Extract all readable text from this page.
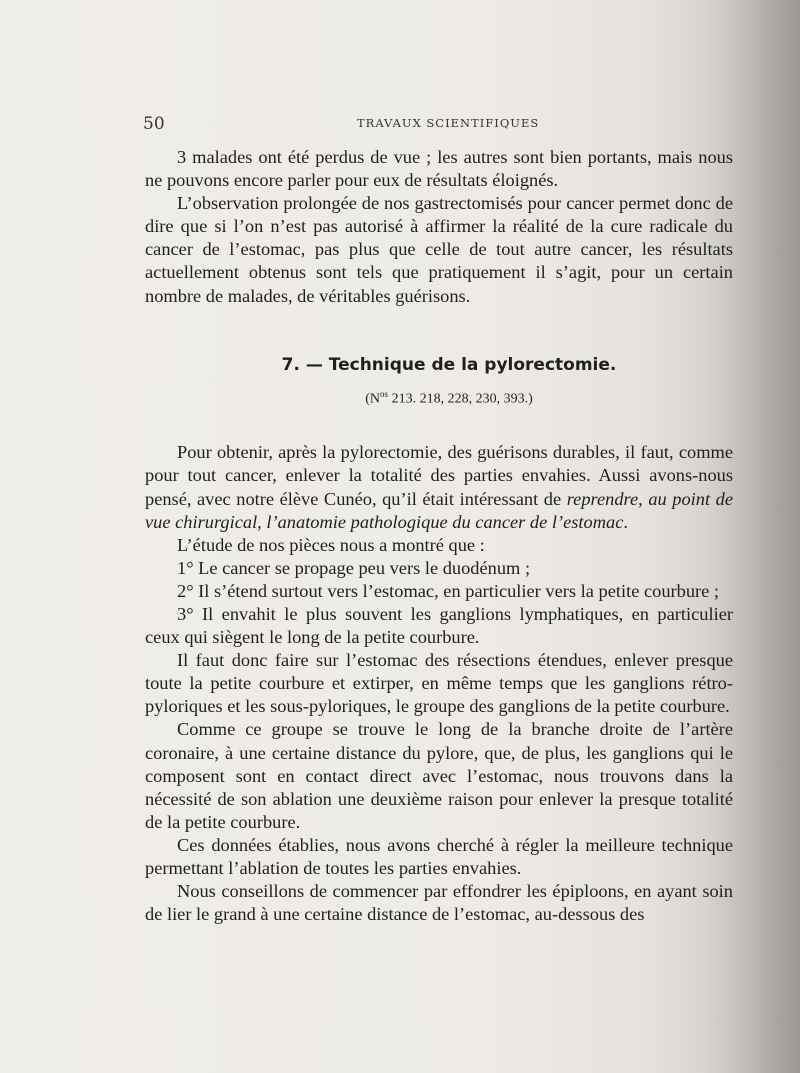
50	TRAVAUX SCIENTIFIQUES

3 malades ont été perdus de vue ; les autres sont bien portants, mais nous ne pouvons encore parler pour eux de résultats éloignés.

L’observation prolongée de nos gastrectomisés pour cancer permet donc de dire que si l’on n’est pas autorisé à affirmer la réalité de la cure radicale du cancer de l’estomac, pas plus que celle de tout autre cancer, les résultats actuellement obtenus sont tels que pratiquement il s’agit, pour un certain nombre de malades, de véritables guérisons.

7. — Technique de la pylorectomie.
($N^{os}$ 213. 218, 228, 230, 393.)

Pour obtenir, après la pylorectomie, des guérisons durables, il faut, comme pour tout cancer, enlever la totalité des parties envahies. Aussi avons-nous pensé, avec notre élève Cunéo, qu’il était intéressant de reprendre, au point de vue chirurgical, l’anatomie pathologique du cancer de l’estomac.

L’étude de nos pièces nous a montré que :

1° Le cancer se propage peu vers le duodénum ;

2° Il s’étend surtout vers l’estomac, en particulier vers la petite courbure ;

3° Il envahit le plus souvent les ganglions lymphatiques, en particulier ceux qui siègent le long de la petite courbure.

Il faut donc faire sur l’estomac des résections étendues, enlever presque toute la petite courbure et extirper, en même temps que les ganglions rétro-pyloriques et les sous-pyloriques, le groupe des ganglions de la petite courbure.

Comme ce groupe se trouve le long de la branche droite de l’artère coronaire, à une certaine distance du pylore, que, de plus, les ganglions qui le composent sont en contact direct avec l’estomac, nous trouvons dans la nécessité de son ablation une deuxième raison pour enlever la presque totalité de la petite courbure.

Ces données établies, nous avons cherché à régler la meilleure technique permettant l’ablation de toutes les parties envahies.

Nous conseillons de commencer par effondrer les épiploons, en ayant soin de lier le grand à une certaine distance de l’estomac, au-dessous des
